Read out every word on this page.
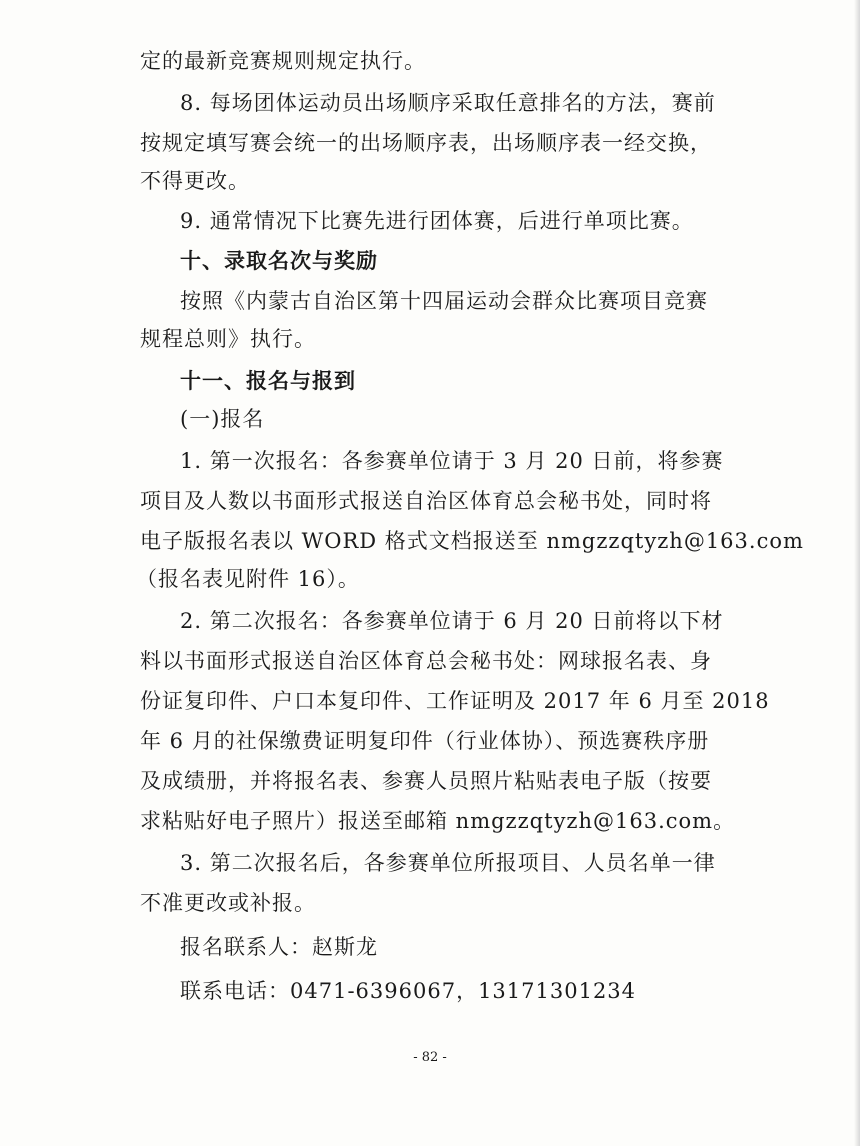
定的最新竞赛规则规定执行。
8. 每场团体运动员出场顺序采取任意排名的方法，赛前
按规定填写赛会统一的出场顺序表，出场顺序表一经交换，
不得更改。
9. 通常情况下比赛先进行团体赛，后进行单项比赛。
十、录取名次与奖励
按照《内蒙古自治区第十四届运动会群众比赛项目竞赛
规程总则》执行。
十一、报名与报到
(一)报名
1. 第一次报名：各参赛单位请于 3 月 20 日前，将参赛
项目及人数以书面形式报送自治区体育总会秘书处，同时将
电子版报名表以 WORD 格式文档报送至 nmgzzqtyzh@163.com
（报名表见附件 16）。
2. 第二次报名：各参赛单位请于 6 月 20 日前将以下材
料以书面形式报送自治区体育总会秘书处：网球报名表、身
份证复印件、户口本复印件、工作证明及 2017 年 6 月至 2018
年 6 月的社保缴费证明复印件（行业体协）、预选赛秩序册
及成绩册，并将报名表、参赛人员照片粘贴表电子版（按要
求粘贴好电子照片）报送至邮箱 nmgzzqtyzh@163.com。
3. 第二次报名后，各参赛单位所报项目、人员名单一律
不准更改或补报。
报名联系人：赵斯龙
联系电话：0471-6396067，13171301234
- 82 -
